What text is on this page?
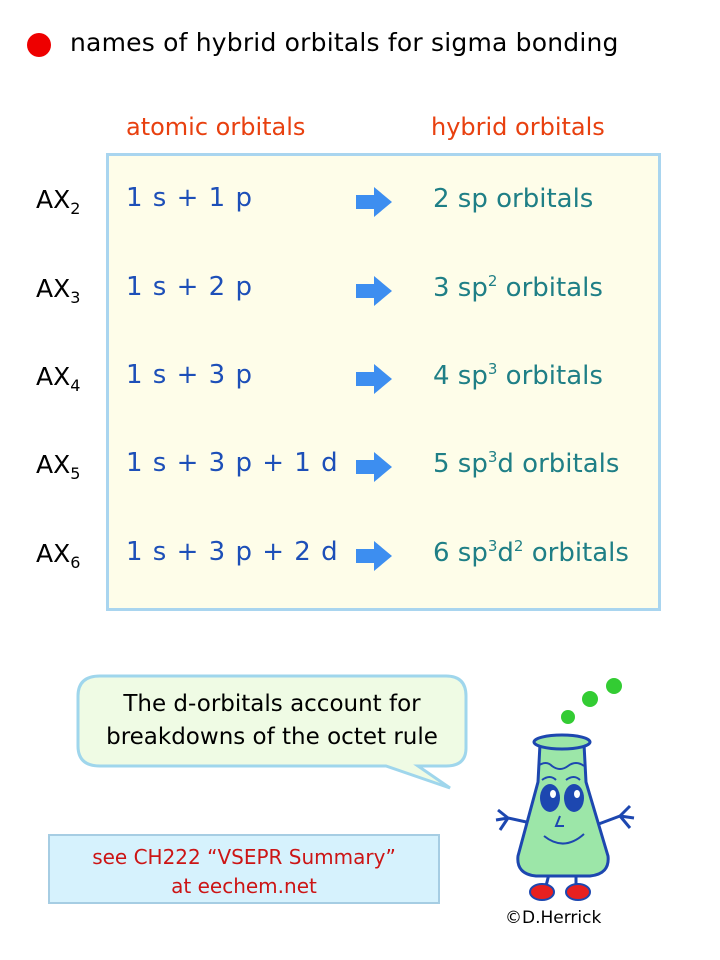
names of hybrid orbitals for sigma bonding
atomic orbitals	hybrid orbitals
$AX_2$ 1 s + 1 p	2 sp orbitals
$AX_3$ 1 s + 2 p	3 $sp^2$ orbitals
$AX_4$ 1 s + 3 p	4 $sp^3$ orbitals
$AX_5$ 1 s + 3 p + 1 d	5 $sp^3d$ orbitals
$AX_6$ 1 s + 3 p + 2 d	6 $sp^3d^2$ orbitals
The d-orbitals account for
breakdowns of the octet rule
see CH222 “VSEPR Summary”
at eechem.net
©D.Herrick
